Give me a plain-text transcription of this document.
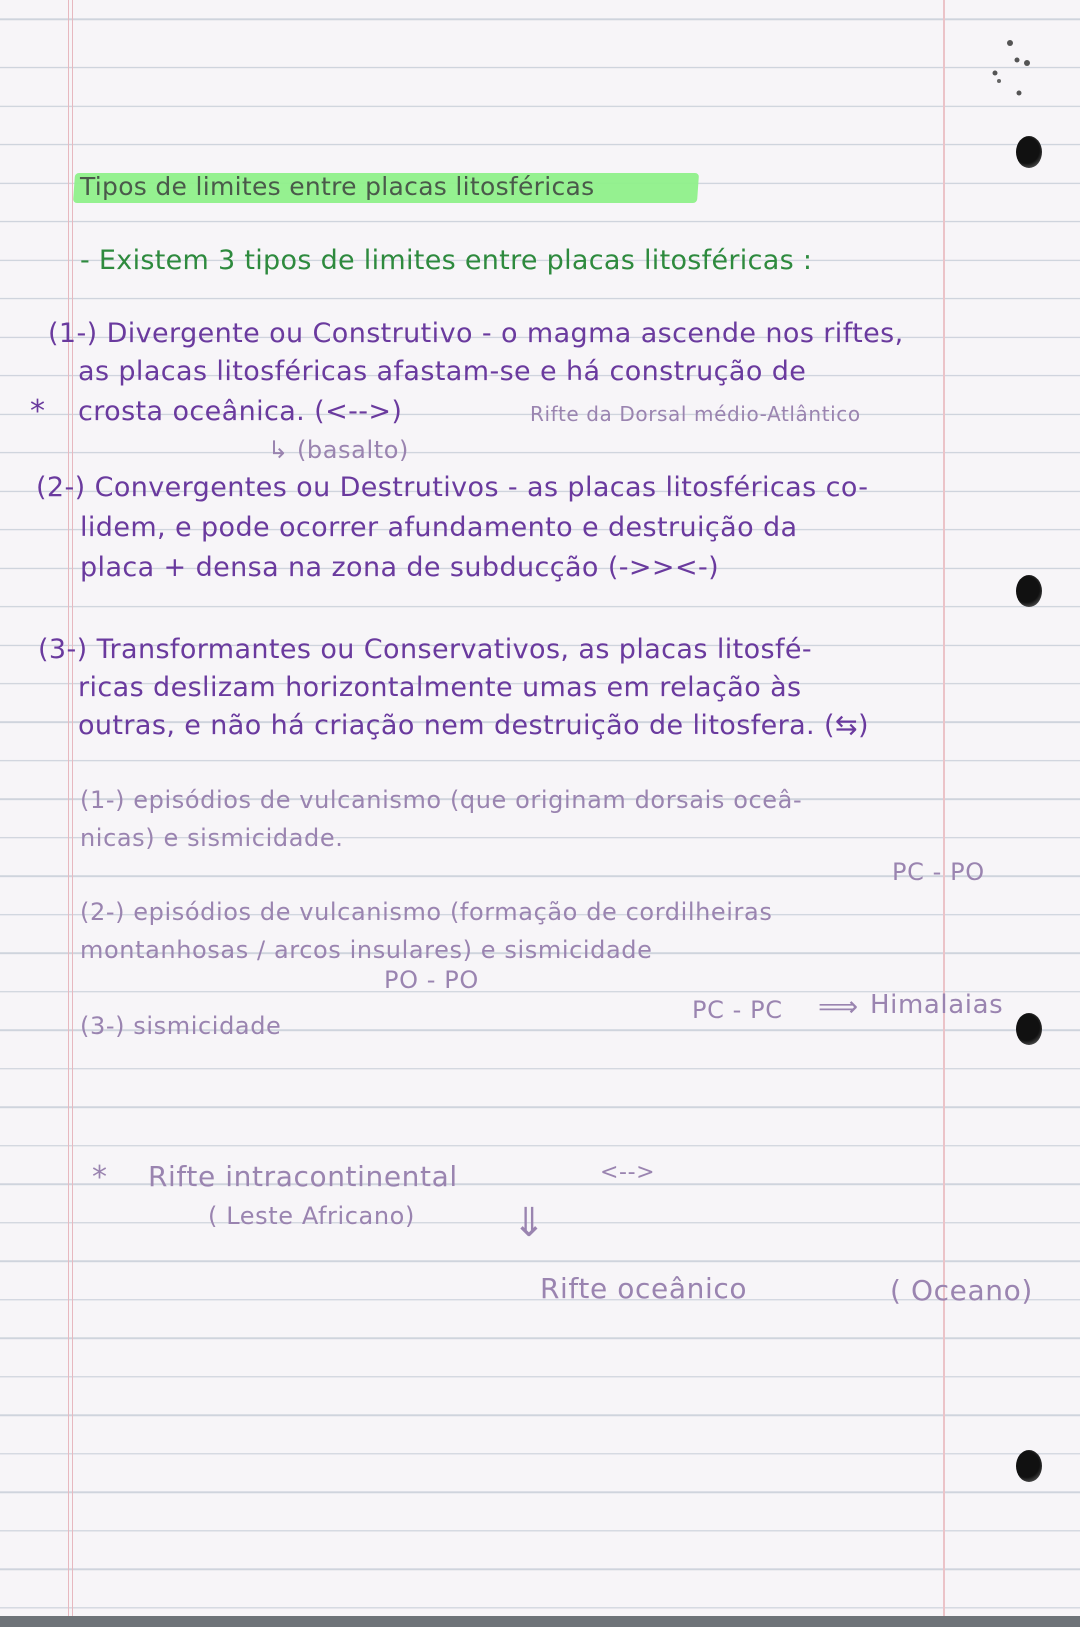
Tipos de limites entre placas litosféricas

- Existem 3 tipos de limites entre placas litosféricas :

(1-) Divergente ou Construtivo - o magma ascende nos riftes,

as placas litosféricas afastam-se e há construção de

* crosta oceânica. (<-->)	Rifte da Dorsal médio-Atlântico

↳ (basalto)

(2-) Convergentes ou Destrutivos - as placas litosféricas co-

lidem, e pode ocorrer afundamento e destruição da

placa + densa na zona de subducção (->><-)

(3-) Transformantes ou Conservativos, as placas litosfé-

ricas deslizam horizontalmente umas em relação às

outras, e não há criação nem destruição de litosfera. (⇆)

(1-) episódios de vulcanismo (que originam dorsais oceâ-

nicas) e sismicidade.

PC - PO

(2-) episódios de vulcanismo (formação de cordilheiras

montanhosas / arcos insulares) e sismicidade

PO - PO

PC - PC ⟹ Himalaias

(3-) sismicidade

* Rifte intracontinental	<-->

( Leste Africano) ⇓

Rifte oceânico	( Oceano)
